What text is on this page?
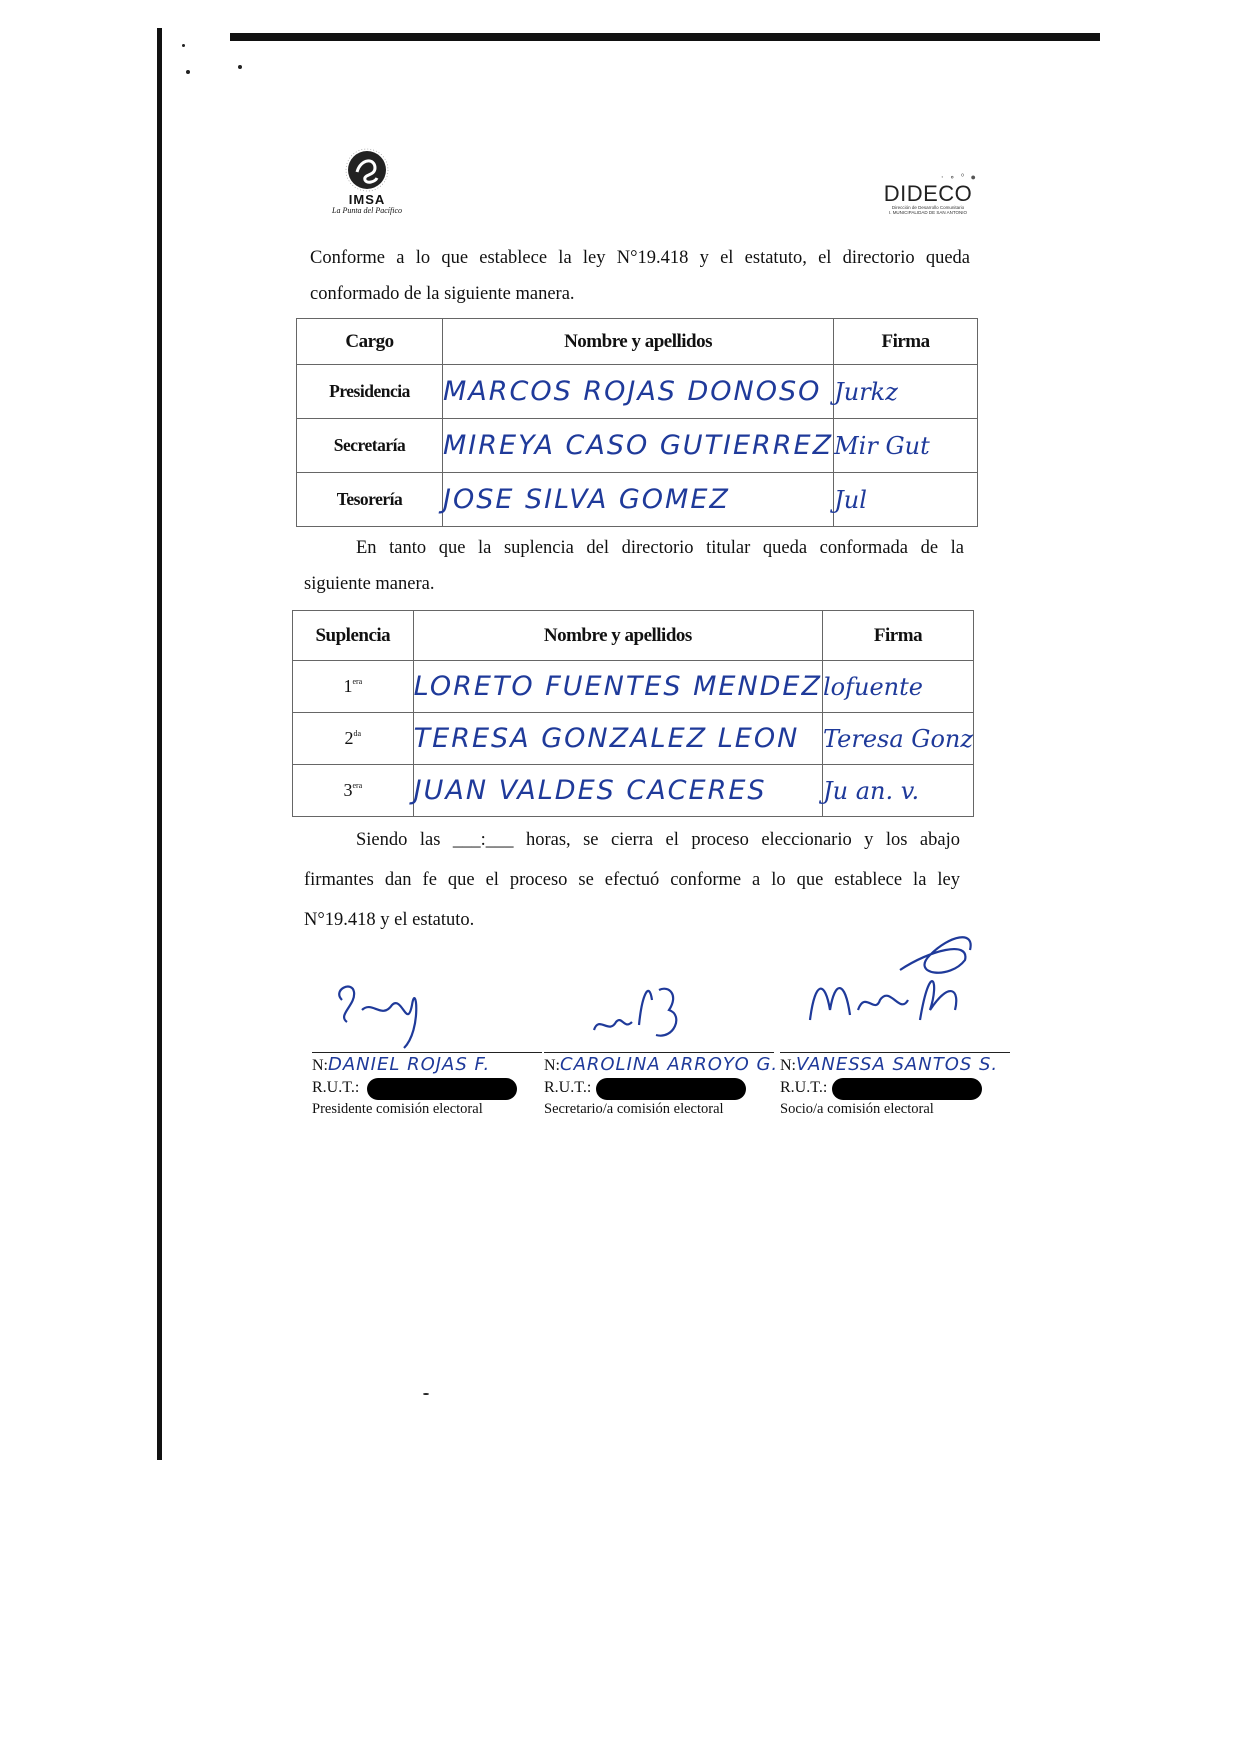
IMSA
La Punta del Pacífico
· ∘ ° ●
DIDECO
Dirección de Desarrollo Comunitario
I. MUNICIPALIDAD DE SAN ANTONIO
Conforme a lo que establece la ley N°19.418 y el estatuto, el directorio queda
conformado de la siguiente manera.
Cargo	Nombre y apellidos	Firma
Presidencia	MARCOS ROJAS DONOSO	Jurkz
Secretaría	MIREYA CASO GUTIERREZ	Mir Gut
Tesorería	JOSE SILVA GOMEZ	Jul
En tanto que la suplencia del directorio titular queda conformada de la
siguiente manera.
Suplencia	Nombre y apellidos	Firma
$1^{era}$	LORETO FUENTES MENDEZ	lofuente
$2^{da}$	TERESA GONZALEZ LEON	Teresa Gonz
$3^{era}$	JUAN VALDES CACERES	Ju an. v.
Siendo las ___:___ horas, se cierra el proceso eleccionario y los abajo
firmantes dan fe que el proceso se efectuó conforme a lo que establece la ley
N°19.418 y el estatuto.
N:DANIEL ROJAS F.
R.U.T.:
Presidente comisión electoral
N:CAROLINA ARROYO G.
R.U.T.:
Secretario/a comisión electoral
N:VANESSA SANTOS S.
R.U.T.:
Socio/a comisión electoral
